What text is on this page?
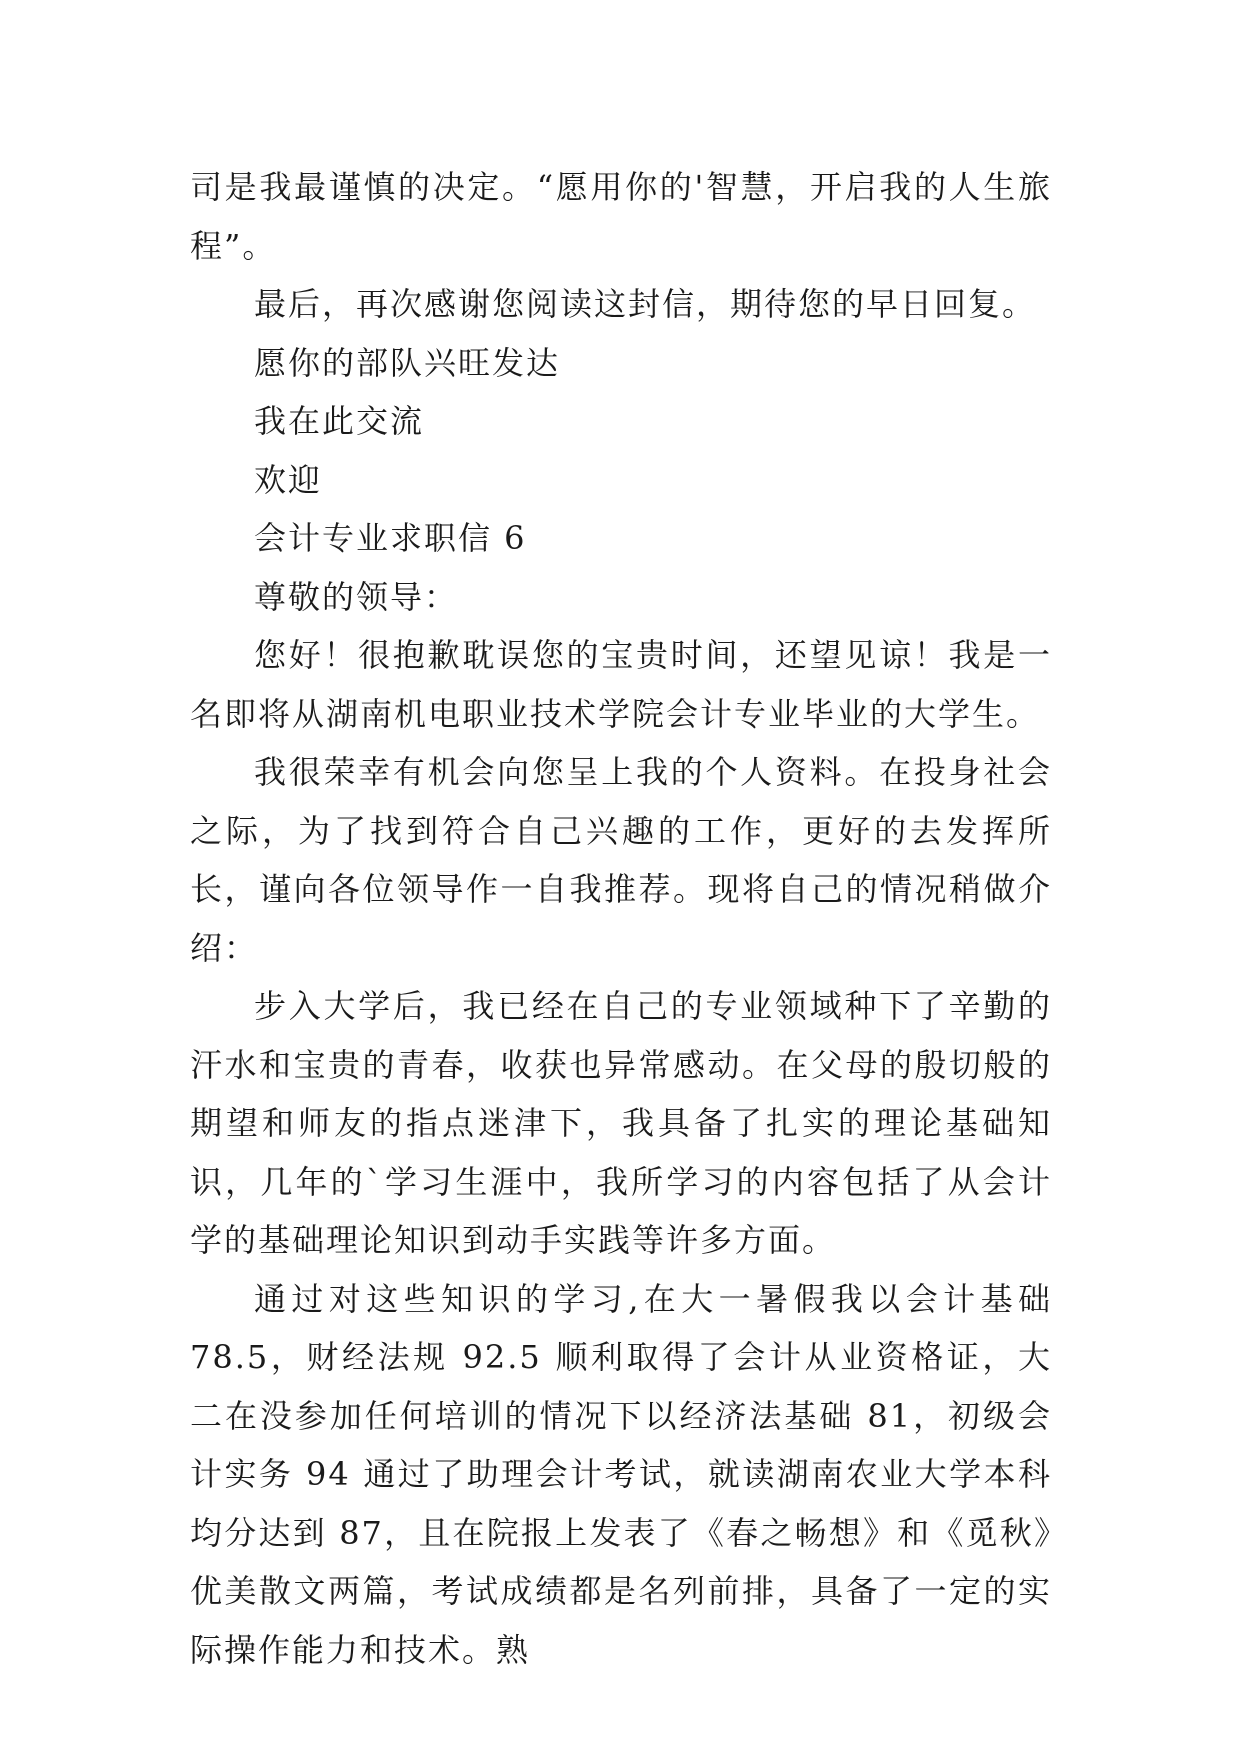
司是我最谨慎的决定。“愿用你的'智慧，开启我的人生旅程”。

最后，再次感谢您阅读这封信，期待您的早日回复。

愿你的部队兴旺发达

我在此交流

欢迎

会计专业求职信 6

尊敬的领导：

您好！很抱歉耽误您的宝贵时间，还望见谅！我是一名即将从湖南机电职业技术学院会计专业毕业的大学生。

我很荣幸有机会向您呈上我的个人资料。在投身社会之际，为了找到符合自己兴趣的工作，更好的去发挥所长，谨向各位领导作一自我推荐。现将自己的情况稍做介绍：

步入大学后，我已经在自己的专业领域种下了辛勤的汗水和宝贵的青春，收获也异常感动。在父母的殷切般的期望和师友的指点迷津下，我具备了扎实的理论基础知识，几年的`学习生涯中，我所学习的内容包括了从会计学的基础理论知识到动手实践等许多方面。

通过对这些知识的学习,在大一暑假我以会计基础78.5，财经法规 92.5 顺利取得了会计从业资格证，大二在没参加任何培训的情况下以经济法基础 81，初级会计实务 94 通过了助理会计考试，就读湖南农业大学本科均分达到 87，且在院报上发表了《春之畅想》和《觅秋》优美散文两篇，考试成绩都是名列前排，具备了一定的实际操作能力和技术。熟
